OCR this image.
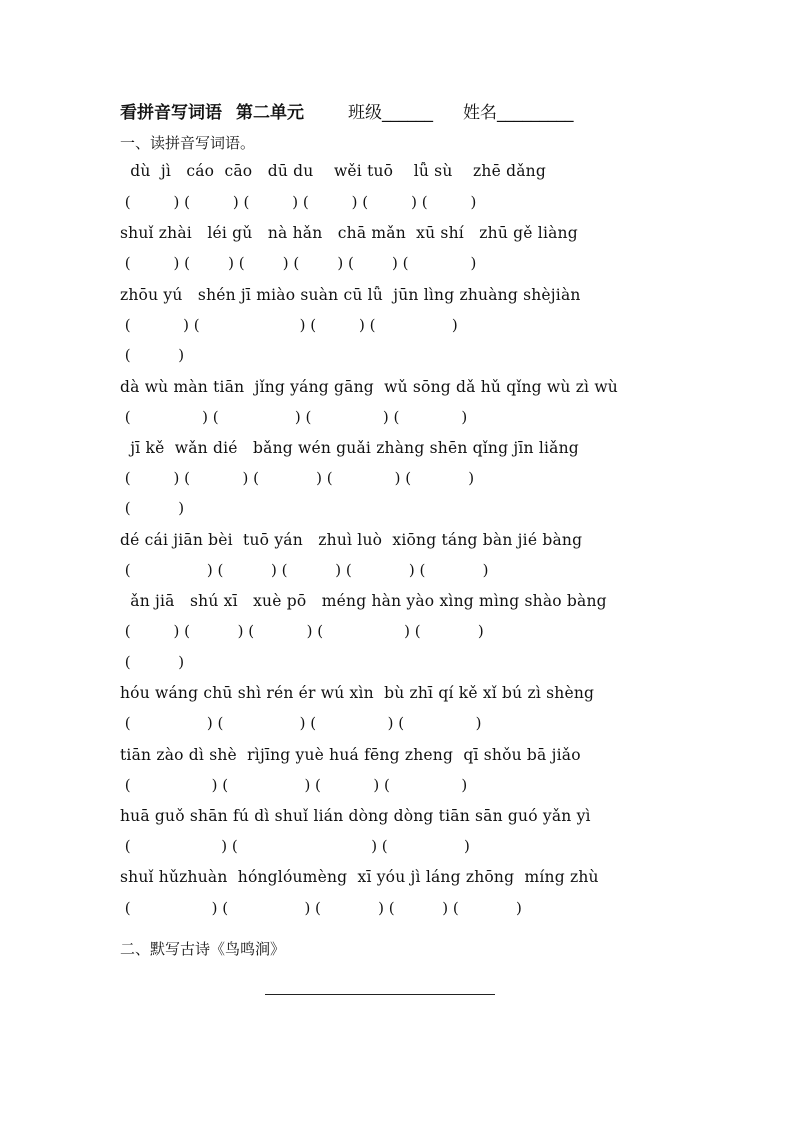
看拼音写词语 第二单元	班级______ 姓名_________
一、读拼音写词语。
dù  jì   cáo  cāo   dū du    wěi tuō    lǚ sù    zhē dǎng
(         ) (         ) (         ) (         ) (         ) (         )
shuǐ zhài   léi gǔ   nà hǎn   chā mǎn  xū shí   zhū gě liàng
(         ) (        ) (        ) (        ) (        ) (             )
zhōu yú   shén jī miào suàn cū lǚ  jūn lìng zhuàng shèjiàn
(           ) (                     ) (         ) (                )
(          )
dà wù màn tiān  jǐng yáng gāng  wǔ sōng dǎ hǔ qǐng wù zì wù
(               ) (                ) (               ) (             )
jī kě  wǎn dié   bǎng wén guǎi zhàng shēn qǐng jīn liǎng
(         ) (           ) (            ) (             ) (            )
(          )
dé cái jiān bèi  tuō yán   zhuì luò  xiōng táng bàn jié bàng
(                ) (          ) (          ) (            ) (            )
ǎn jiā   shú xī   xuè pō   méng hàn yào xìng mìng shào bàng
(         ) (          ) (           ) (                 ) (            )
(          )
hóu wáng chū shì rén ér wú xìn  bù zhī qí kě xǐ bú zì shèng
(                ) (                ) (               ) (               )
tiān zào dì shè  rìjīng yuè huá fēng zheng  qī shǒu bā jiǎo
(                 ) (                ) (           ) (               )
huā guǒ shān fú dì shuǐ lián dòng dòng tiān sān guó yǎn yì
(                   ) (                            ) (                )
shuǐ hǔzhuàn  hónglóumèng  xī yóu jì láng zhōng  míng zhù
(                 ) (                ) (            ) (          ) (            )
二、默写古诗《鸟鸣涧》
